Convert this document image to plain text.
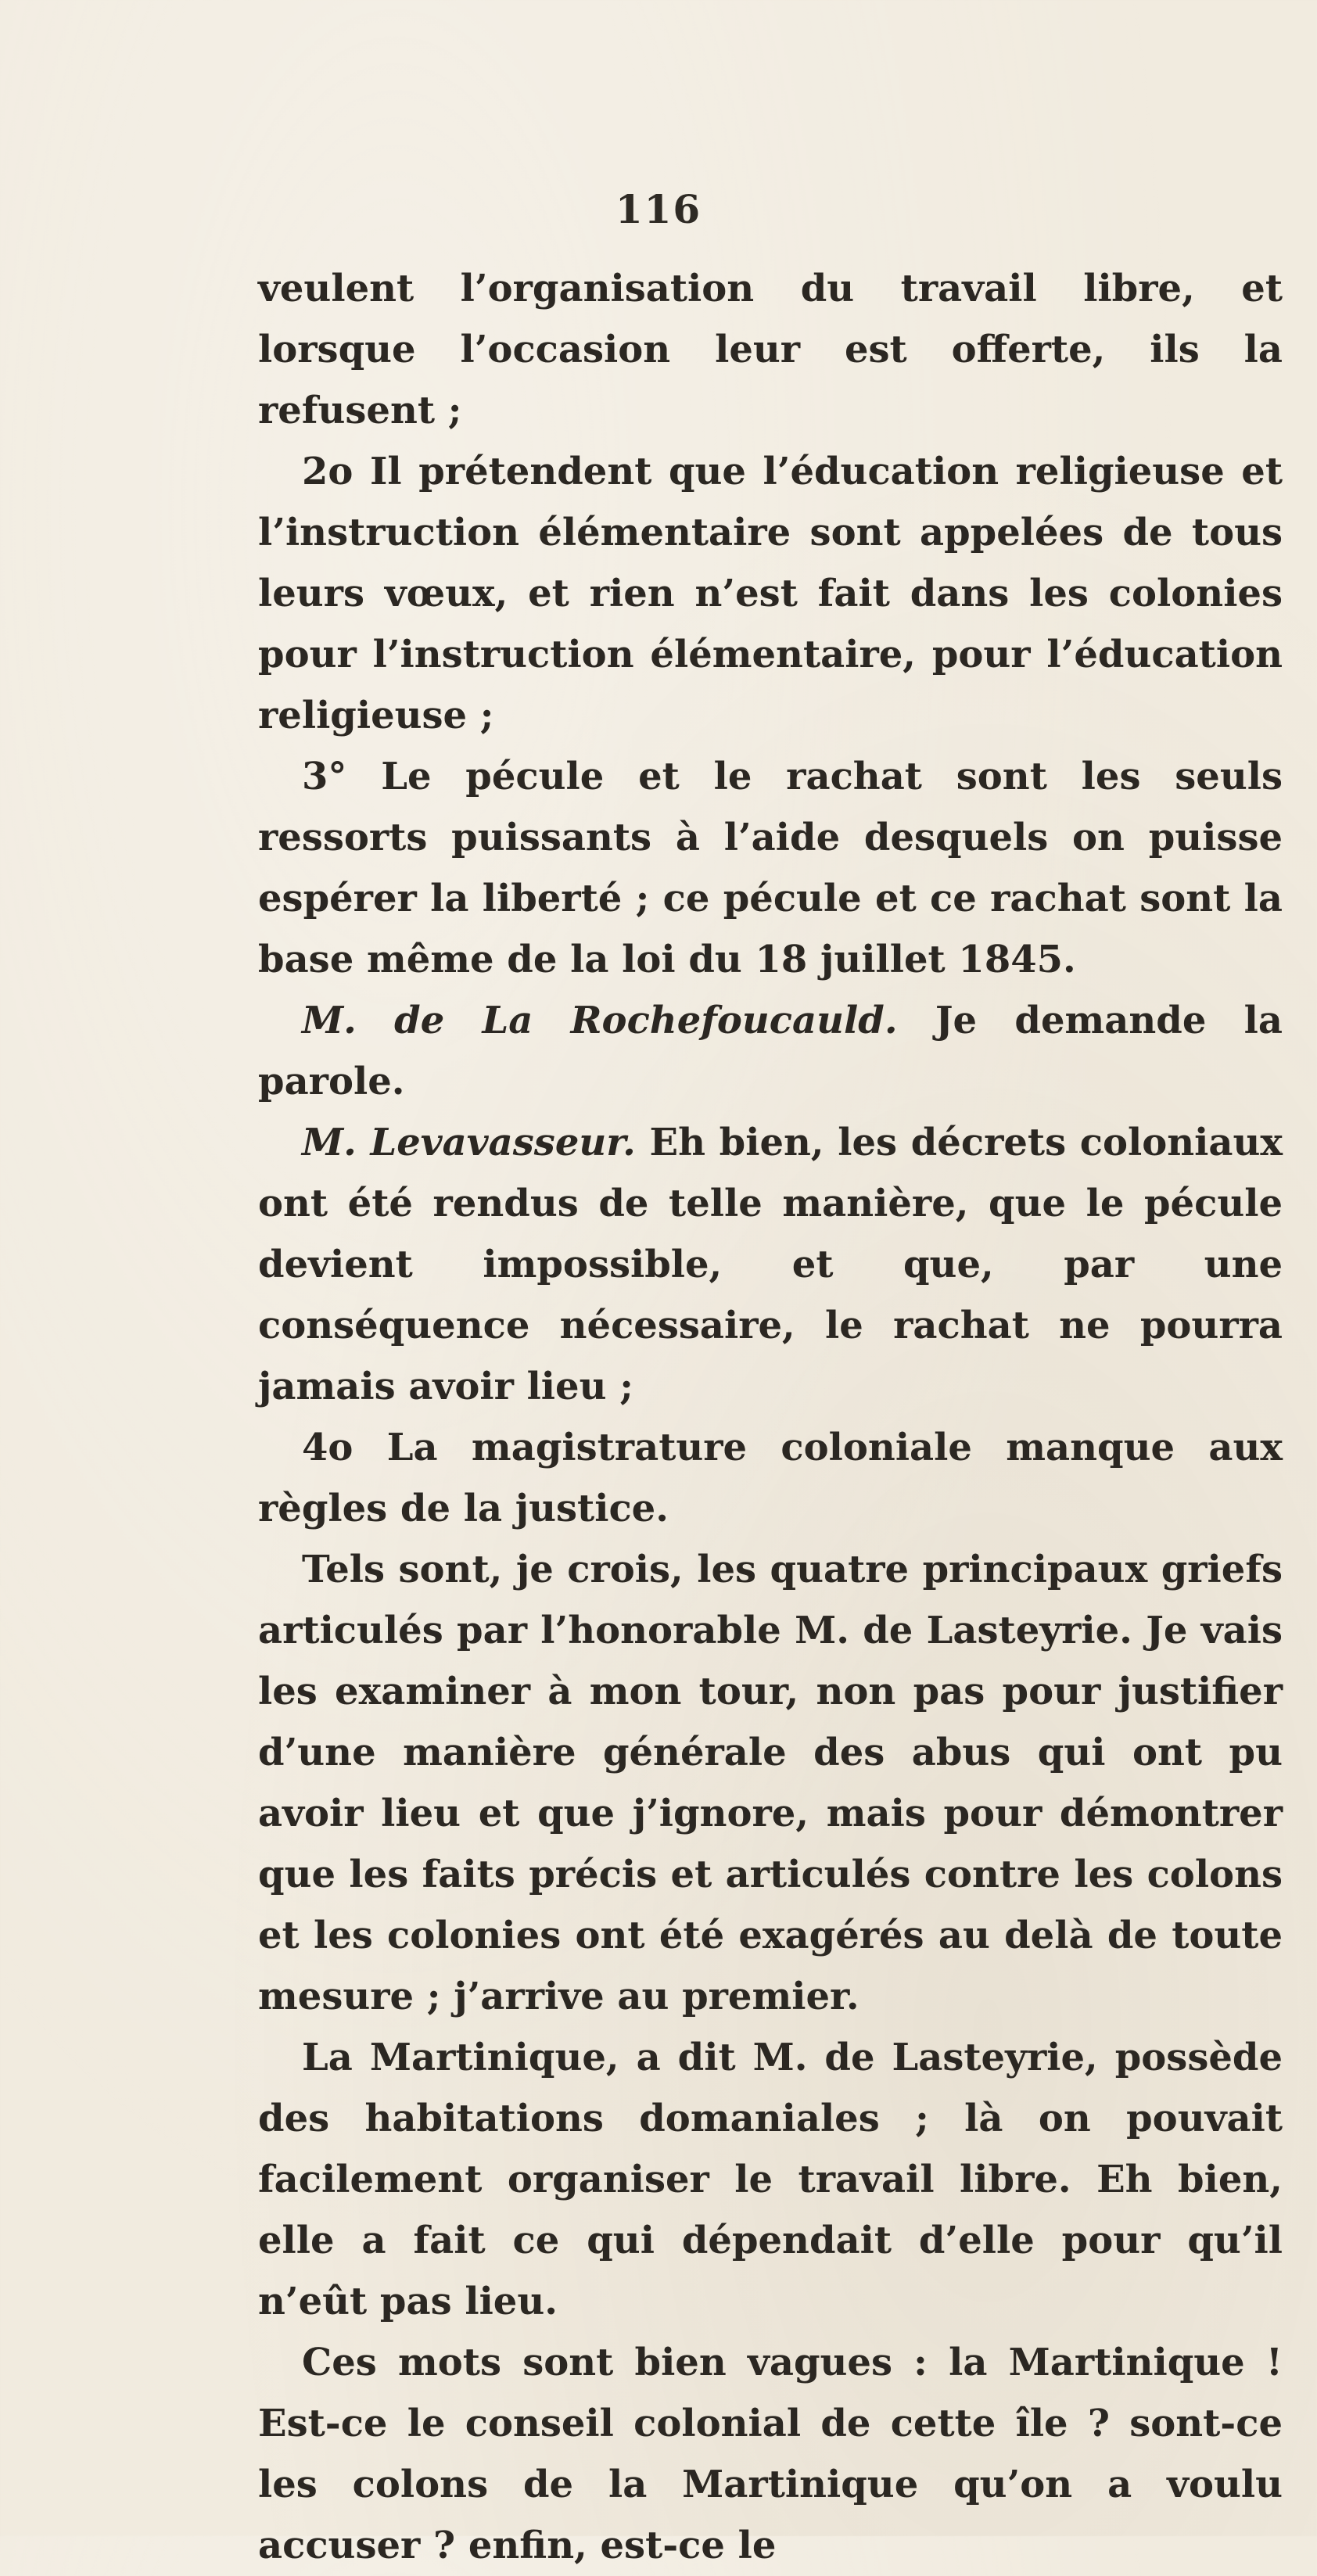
116

veulent l’organisation du travail libre, et lorsque l’occasion leur est offerte, ils la refusent ;

2o Il prétendent que l’éducation religieuse et l’instruction élémentaire sont appelées de tous leurs vœux, et rien n’est fait dans les colonies pour l’instruction élémentaire, pour l’éducation religieuse ;

3° Le pécule et le rachat sont les seuls ressorts puissants à l’aide desquels on puisse espérer la liberté ; ce pécule et ce rachat sont la base même de la loi du 18 juillet 1845.

M. de La Rochefoucauld. Je demande la parole.

M. Levavasseur. Eh bien, les décrets coloniaux ont été rendus de telle manière, que le pécule devient impossible, et que, par une conséquence nécessaire, le rachat ne pourra jamais avoir lieu ;

4o La magistrature coloniale manque aux règles de la justice.

Tels sont, je crois, les quatre principaux griefs articulés par l’honorable M. de Lasteyrie. Je vais les examiner à mon tour, non pas pour justifier d’une manière générale des abus qui ont pu avoir lieu et que j’ignore, mais pour démontrer que les faits précis et articulés contre les colons et les colonies ont été exagérés au delà de toute mesure ; j’arrive au premier.

La Martinique, a dit M. de Lasteyrie, possède des habitations domaniales ; là on pouvait facilement organiser le travail libre. Eh bien, elle a fait ce qui dépendait d’elle pour qu’il n’eût pas lieu.

Ces mots sont bien vagues : la Martinique ! Est-ce le conseil colonial de cette île ? sont-ce les colons de la Martinique qu’on a voulu accuser ? enfin, est-ce le
